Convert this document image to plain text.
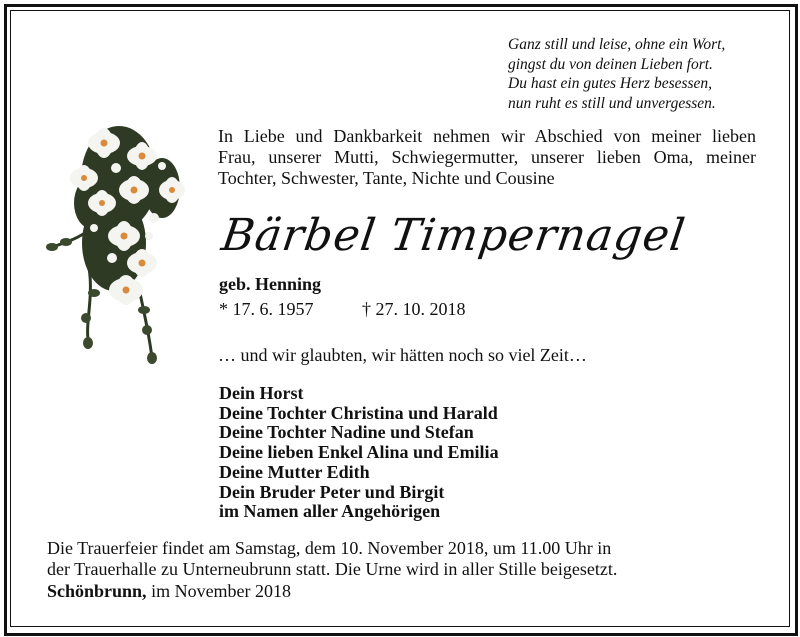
Ganz still und leise, ohne ein Wort,
gingst du von deinen Lieben fort.
Du hast ein gutes Herz besessen,
nun ruht es still und unvergessen.
In Liebe und Dankbarkeit nehmen wir Abschied von meiner lieben
Frau, unserer Mutti, Schwiegermutter, unserer lieben Oma, meiner
Tochter, Schwester, Tante, Nichte und Cousine
Bärbel Timpernagel
geb. Henning
* 17. 6. 1957	† 27. 10. 2018
… und wir glaubten, wir hätten noch so viel Zeit…
Dein Horst
Deine Tochter Christina und Harald
Deine Tochter Nadine und Stefan
Deine lieben Enkel Alina und Emilia
Deine Mutter Edith
Dein Bruder Peter und Birgit
im Namen aller Angehörigen
Die Trauerfeier findet am Samstag, dem 10. November 2018, um 11.00 Uhr in
der Trauerhalle zu Unterneubrunn statt. Die Urne wird in aller Stille beigesetzt.
Schönbrunn, im November 2018
